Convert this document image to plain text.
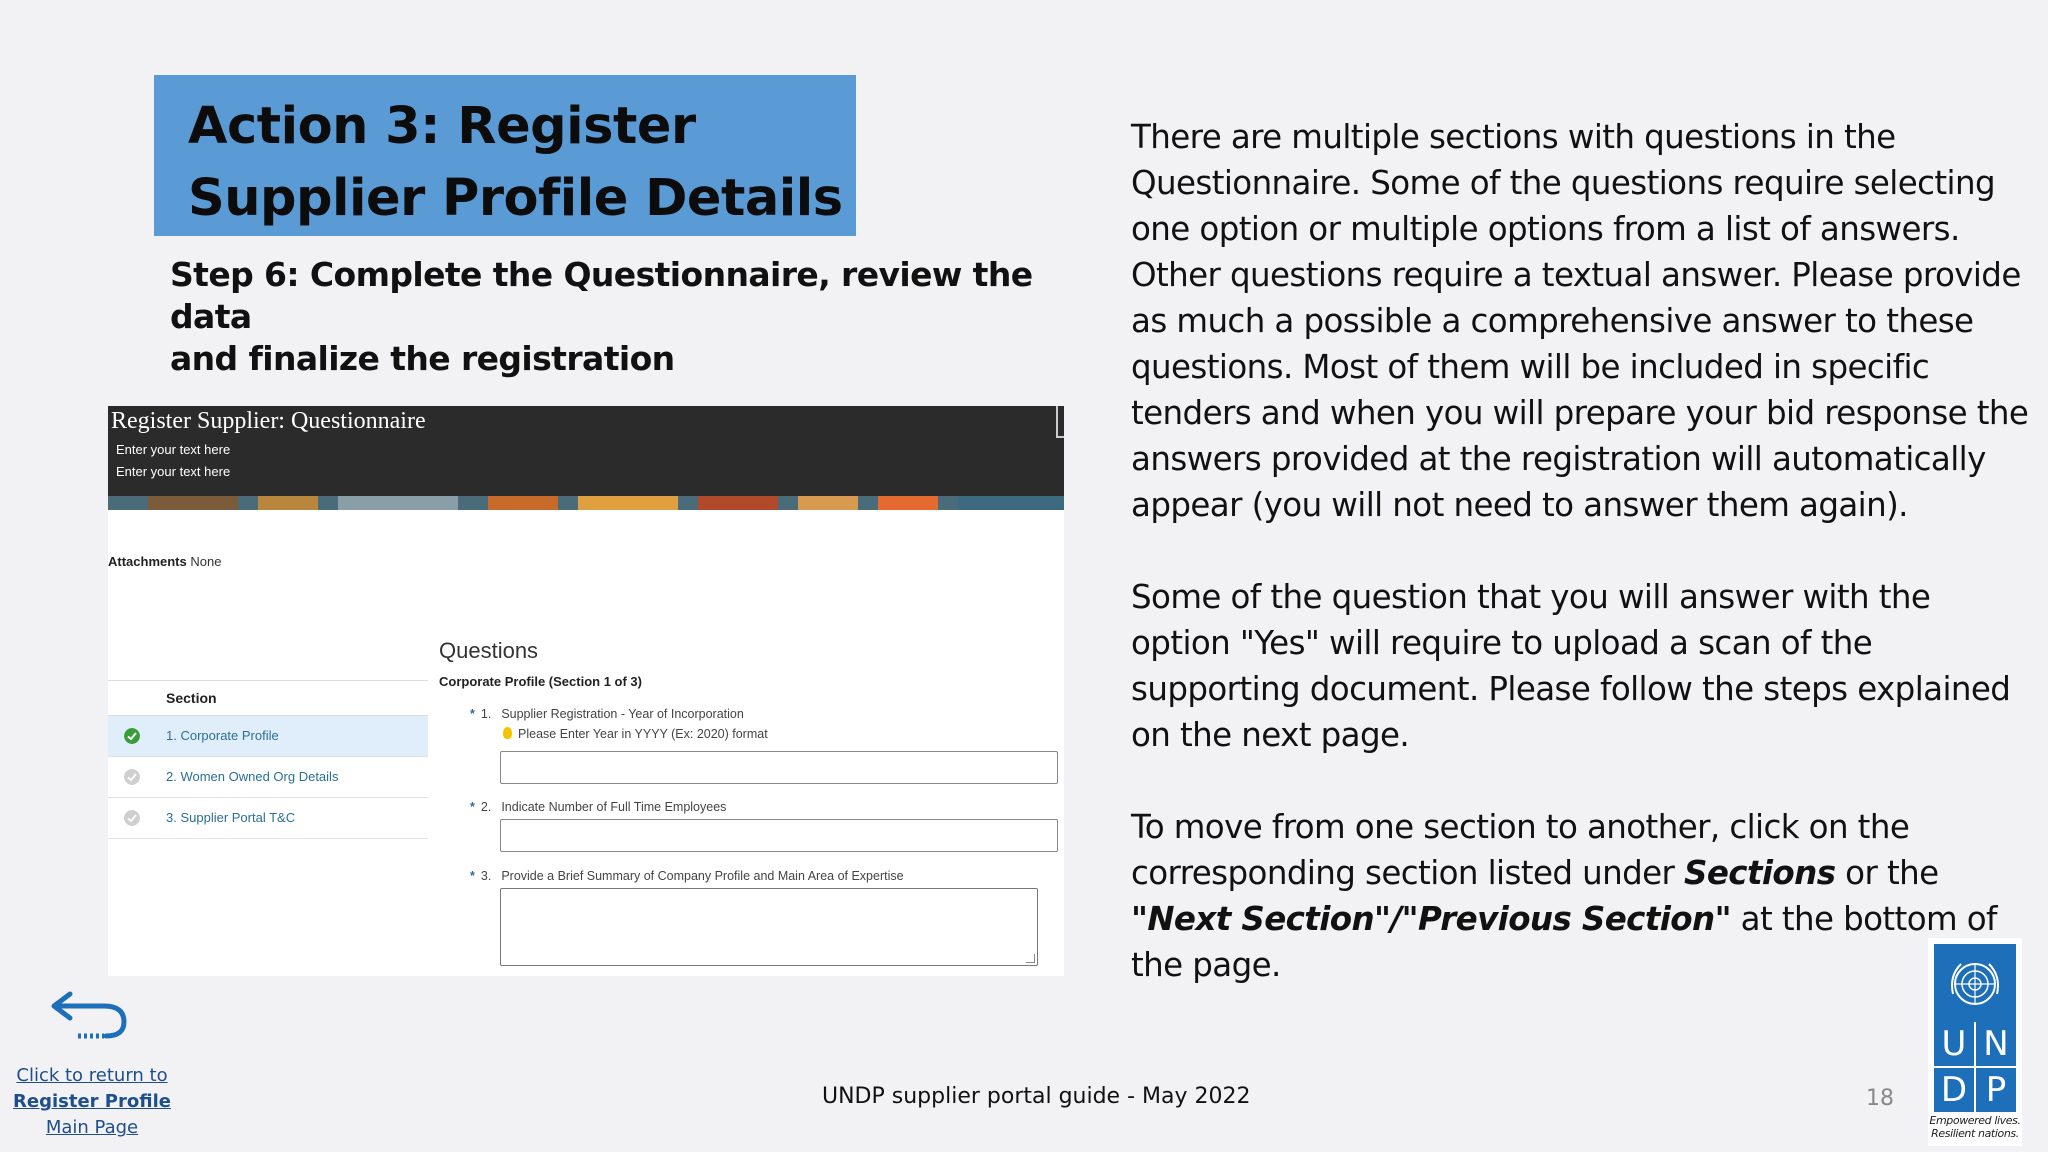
Action 3: Register
Supplier Profile Details
Step 6: Complete the Questionnaire, review the data
and finalize the registration
Register Supplier: Questionnaire
Enter your text here
Enter your text here
Attachments None
Section
1. Corporate Profile
2. Women Owned Org Details
3. Supplier Portal T&C
Questions
Corporate Profile (Section 1 of 3)
* 1. Supplier Registration - Year of Incorporation
Please Enter Year in YYYY (Ex: 2020) format
* 2. Indicate Number of Full Time Employees
* 3. Provide a Brief Summary of Company Profile and Main Area of Expertise

There are multiple sections with questions in the Questionnaire. Some of the questions require selecting one option or multiple options from a list of answers. Other questions require a textual answer. Please provide as much a possible a comprehensive answer to these questions. Most of them will be included in specific tenders and when you will prepare your bid response the answers provided at the registration will automatically appear (you will not need to answer them again).

Some of the question that you will answer with the option "Yes" will require to upload a scan of the supporting document. Please follow the steps explained on the next page.

To move from one section to another, click on the corresponding section listed under Sections or the "Next Section"/"Previous Section" at the bottom of the page.

Click to return to
Register Profile
Main Page
UNDP supplier portal guide - May 2022	18
U N
D P
Empowered lives.
Resilient nations.
